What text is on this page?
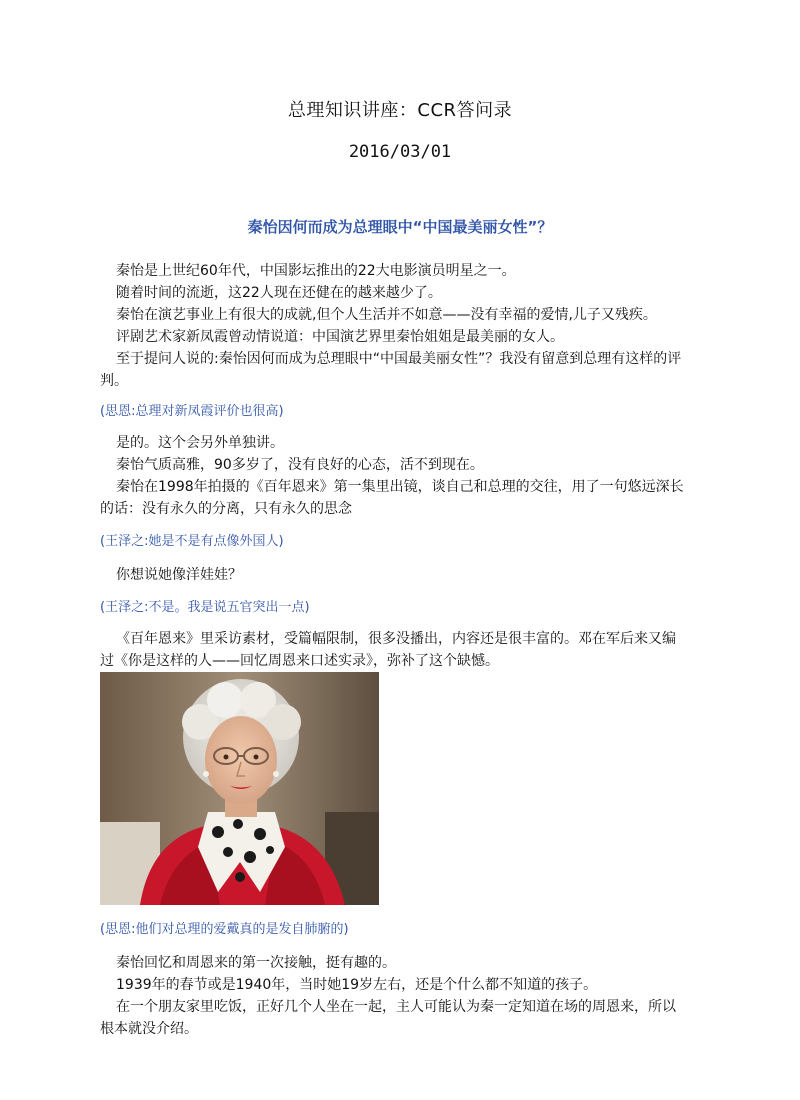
总理知识讲座：CCR答问录
2016/03/01
秦怡因何而成为总理眼中“中国最美丽女性”？

秦怡是上世纪60年代，中国影坛推出的22大电影演员明星之一。

随着时间的流逝，这22人现在还健在的越来越少了。

秦怡在演艺事业上有很大的成就,但个人生活并不如意——没有幸福的爱情,儿子又残疾。

评剧艺术家新凤霞曾动情说道：中国演艺界里秦怡姐姐是最美丽的女人。

至于提问人说的:秦怡因何而成为总理眼中“中国最美丽女性”？我没有留意到总理有这样的评判。

(思恩:总理对新凤霞评价也很高)

是的。这个会另外单独讲。

秦怡气质高雅，90多岁了，没有良好的心态，活不到现在。

秦怡在1998年拍摄的《百年恩来》第一集里出镜，谈自己和总理的交往，用了一句悠远深长的话：没有永久的分离，只有永久的思念

(王泽之:她是不是有点像外国人)

你想说她像洋娃娃？

(王泽之:不是。我是说五官突出一点)

《百年恩来》里采访素材，受篇幅限制，很多没播出，内容还是很丰富的。邓在军后来又编过《你是这样的人——回忆周恩来口述实录》，弥补了这个缺憾。

(思恩:他们对总理的爱戴真的是发自肺腑的)

秦怡回忆和周恩来的第一次接触，挺有趣的。

1939年的春节或是1940年，当时她19岁左右，还是个什么都不知道的孩子。

在一个朋友家里吃饭，正好几个人坐在一起，主人可能认为秦一定知道在场的周恩来，所以根本就没介绍。
